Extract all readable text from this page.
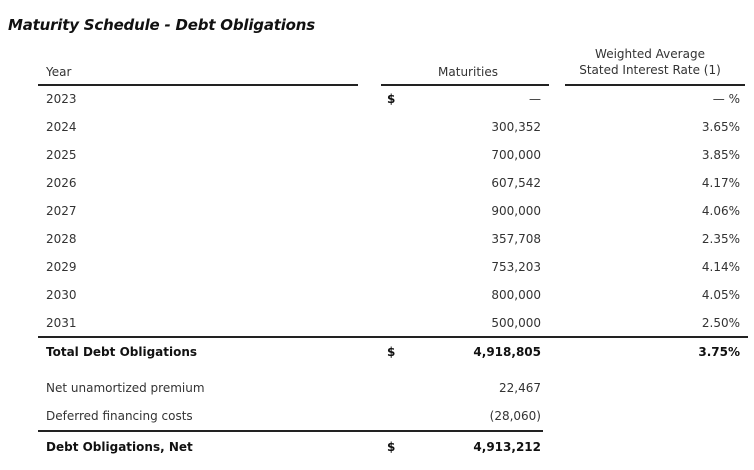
Maturity Schedule - Debt Obligations
Year	Maturities
Weighted Average
Stated Interest Rate (1)
2023	$	—	— %
2024	300,352	3.65%
2025	700,000	3.85%
2026	607,542	4.17%
2027	900,000	4.06%
2028	357,708	2.35%
2029	753,203	4.14%
2030	800,000	4.05%
2031	500,000	2.50%
Total Debt Obligations	$	4,918,805	3.75%
Net unamortized premium	22,467
Deferred financing costs	(28,060)
Debt Obligations, Net	$	4,913,212
